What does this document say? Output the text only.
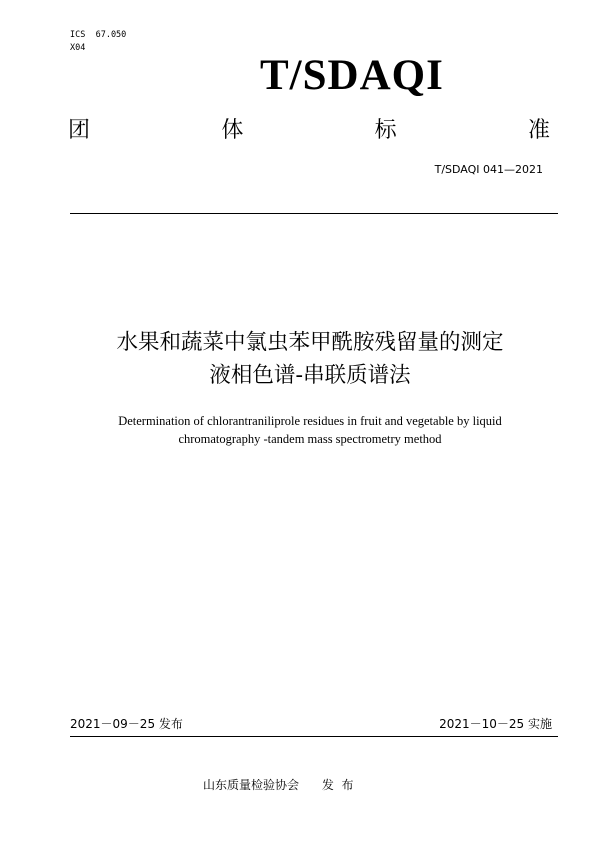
ICS  67.050
X04
T/SDAQI
团	体	标	准
T/SDAQI 041—2021
水果和蔬菜中氯虫苯甲酰胺残留量的测定
液相色谱-串联质谱法
Determination of chlorantraniliprole residues in fruit and vegetable by liquid
chromatography -tandem mass spectrometry method
2021－09－25 发布	2021－10－25 实施
山东质量检验协会 发  布
